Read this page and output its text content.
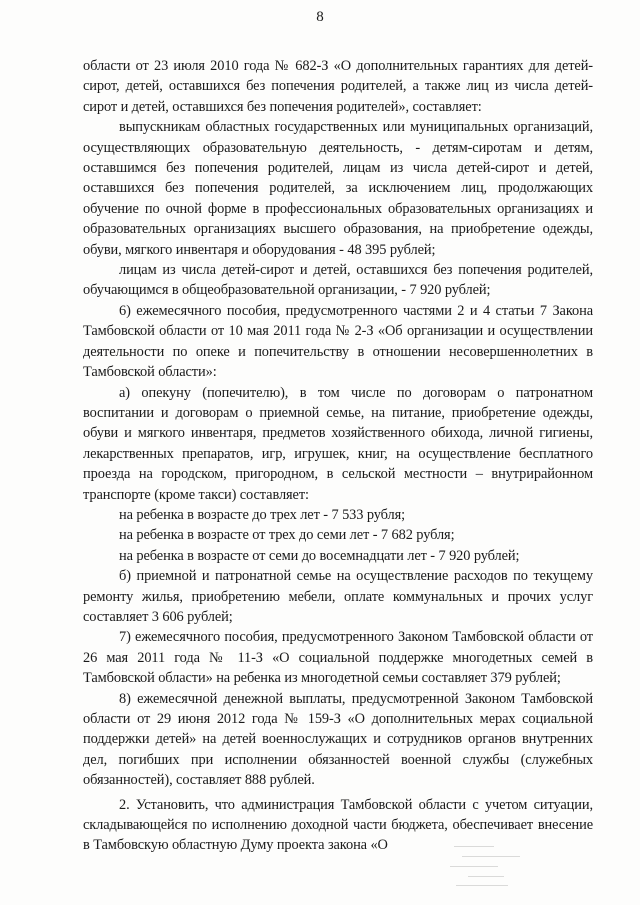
8

области от 23 июля 2010 года № 682-З «О дополнительных гарантиях для детей-сирот, детей, оставшихся без попечения родителей, а также лиц из числа детей-сирот и детей, оставшихся без попечения родителей», составляет:

выпускникам областных государственных или муниципальных организаций, осуществляющих образовательную деятельность, - детям-сиротам и детям, оставшимся без попечения родителей, лицам из числа детей-сирот и детей, оставшихся без попечения родителей, за исключением лиц, продолжающих обучение по очной форме в профессиональных образовательных организациях и образовательных организациях высшего образования, на приобретение одежды, обуви, мягкого инвентаря и оборудования - 48 395 рублей;

лицам из числа детей-сирот и детей, оставшихся без попечения родителей, обучающимся в общеобразовательной организации, - 7 920 рублей;

6) ежемесячного пособия, предусмотренного частями 2 и 4 статьи 7 Закона Тамбовской области от 10 мая 2011 года № 2-З «Об организации и осуществлении деятельности по опеке и попечительству в отношении несовершеннолетних в Тамбовской области»:

а) опекуну (попечителю), в том числе по договорам о патронатном воспитании и договорам о приемной семье, на питание, приобретение одежды, обуви и мягкого инвентаря, предметов хозяйственного обихода, личной гигиены, лекарственных препаратов, игр, игрушек, книг, на осуществление бесплатного проезда на городском, пригородном, в сельской местности – внутрирайонном транспорте (кроме такси) составляет:

на ребенка в возрасте до трех лет - 7 533 рубля;

на ребенка в возрасте от трех до семи лет - 7 682 рубля;

на ребенка в возрасте от семи до восемнадцати лет - 7 920 рублей;

б) приемной и патронатной семье на осуществление расходов по текущему ремонту жилья, приобретению мебели, оплате коммунальных и прочих услуг составляет 3 606 рублей;

7) ежемесячного пособия, предусмотренного Законом Тамбовской области от 26 мая 2011 года № 11-З «О социальной поддержке многодетных семей в Тамбовской области» на ребенка из многодетной семьи составляет 379 рублей;

8) ежемесячной денежной выплаты, предусмотренной Законом Тамбовской области от 29 июня 2012 года № 159-З «О дополнительных мерах социальной поддержки детей» на детей военнослужащих и сотрудников органов внутренних дел, погибших при исполнении обязанностей военной службы (служебных обязанностей), составляет 888 рублей.

2. Установить, что администрация Тамбовской области с учетом ситуации, складывающейся по исполнению доходной части бюджета, обеспечивает внесение в Тамбовскую областную Думу проекта закона «О
